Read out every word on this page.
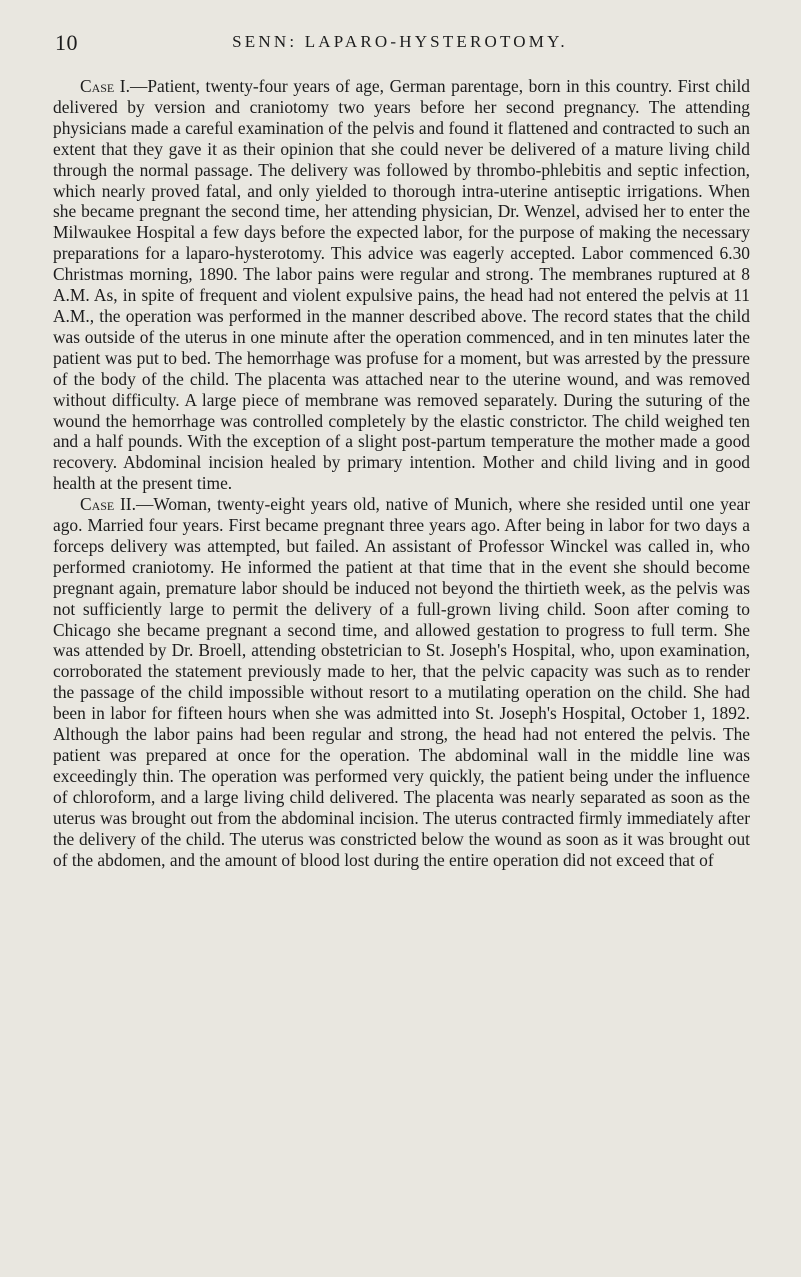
10	SENN: LAPARO-HYSTEROTOMY.

Case I.—Patient, twenty-four years of age, German parentage, born in this country. First child delivered by version and craniotomy two years before her second pregnancy. The attending physicians made a careful examination of the pelvis and found it flattened and contracted to such an extent that they gave it as their opinion that she could never be delivered of a mature living child through the normal passage. The delivery was followed by thrombo-phlebitis and septic infection, which nearly proved fatal, and only yielded to thorough intra-uterine antiseptic irrigations. When she became pregnant the second time, her attending physician, Dr. Wenzel, advised her to enter the Milwaukee Hospital a few days before the expected labor, for the purpose of making the necessary preparations for a laparo-hysterotomy. This advice was eagerly accepted. Labor commenced 6.30 Christmas morning, 1890. The labor pains were regular and strong. The membranes ruptured at 8 A.M. As, in spite of frequent and violent expulsive pains, the head had not entered the pelvis at 11 A.M., the operation was performed in the manner described above. The record states that the child was outside of the uterus in one minute after the operation commenced, and in ten minutes later the patient was put to bed. The hemorrhage was profuse for a moment, but was arrested by the pressure of the body of the child. The placenta was attached near to the uterine wound, and was removed without difficulty. A large piece of membrane was removed separately. During the suturing of the wound the hemorrhage was controlled completely by the elastic constrictor. The child weighed ten and a half pounds. With the exception of a slight post-partum temperature the mother made a good recovery. Abdominal incision healed by primary intention. Mother and child living and in good health at the present time.

Case II.—Woman, twenty-eight years old, native of Munich, where she resided until one year ago. Married four years. First became pregnant three years ago. After being in labor for two days a forceps delivery was attempted, but failed. An assistant of Professor Winckel was called in, who performed craniotomy. He informed the patient at that time that in the event she should become pregnant again, premature labor should be induced not beyond the thirtieth week, as the pelvis was not sufficiently large to permit the delivery of a full-grown living child. Soon after coming to Chicago she became pregnant a second time, and allowed gestation to progress to full term. She was attended by Dr. Broell, attending obstetrician to St. Joseph's Hospital, who, upon examination, corroborated the statement previously made to her, that the pelvic capacity was such as to render the passage of the child impossible without resort to a mutilating operation on the child. She had been in labor for fifteen hours when she was admitted into St. Joseph's Hospital, October 1, 1892. Although the labor pains had been regular and strong, the head had not entered the pelvis. The patient was prepared at once for the operation. The abdominal wall in the middle line was exceedingly thin. The operation was performed very quickly, the patient being under the influence of chloroform, and a large living child delivered. The placenta was nearly separated as soon as the uterus was brought out from the abdominal incision. The uterus contracted firmly immediately after the delivery of the child. The uterus was constricted below the wound as soon as it was brought out of the abdomen, and the amount of blood lost during the entire operation did not exceed that of
